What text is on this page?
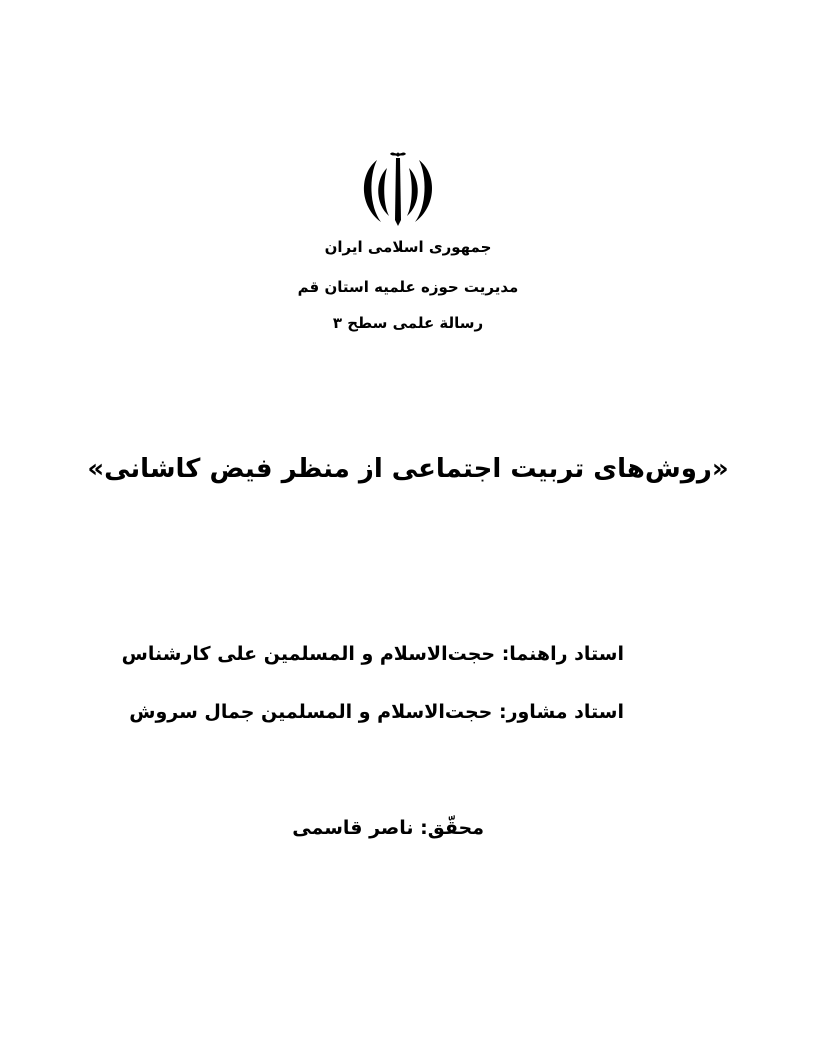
جمهوری اسلامی ایران
مدیریت حوزه علمیه استان قم
رسالة علمی سطح ۳
«روش‌های تربیت اجتماعی از منظر فیض کاشانی»
استاد راهنما: حجت‌الاسلام و المسلمین علی کارشناس
استاد مشاور: حجت‌الاسلام و المسلمین جمال سروش
محقّق: ناصر قاسمی
